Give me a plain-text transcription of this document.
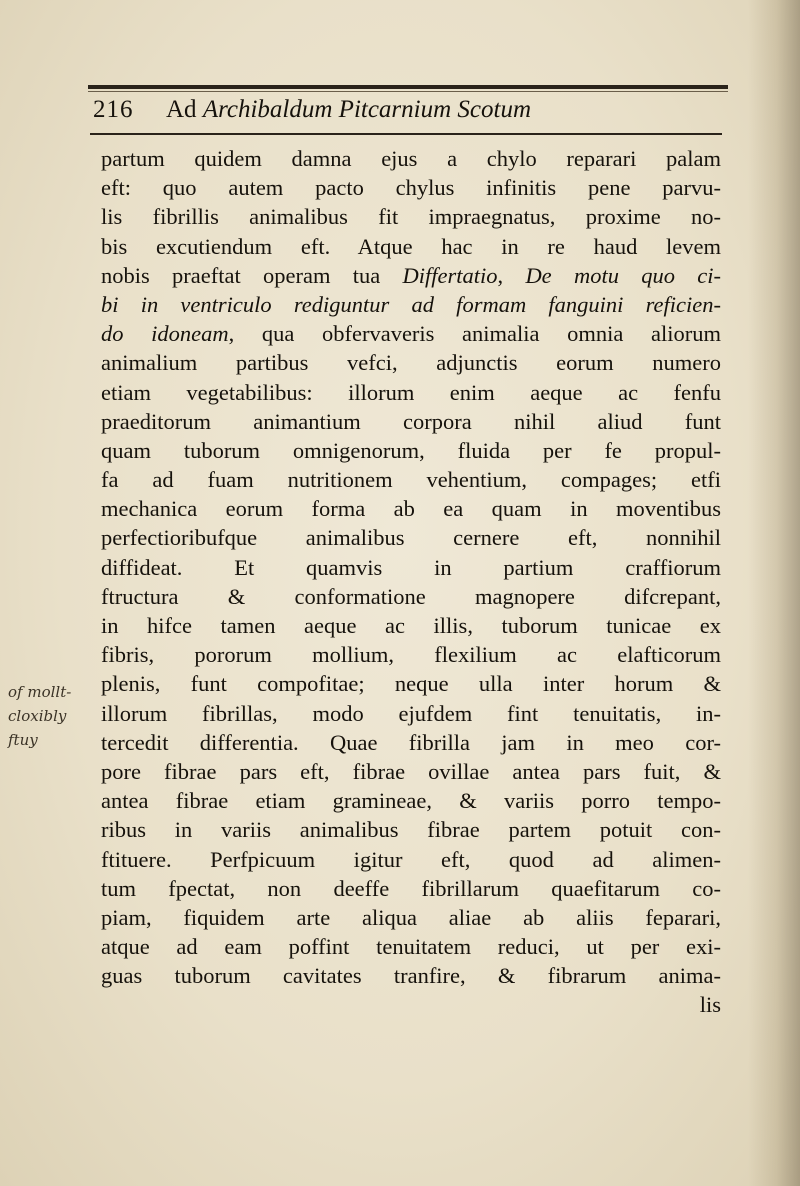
216 Ad Archibaldum Pitcarnium Scotum
of mollt-
cloxibly
ftuy
partum quidem damna ejus a chylo reparari palam
eft: quo autem pacto chylus infinitis pene parvu-
lis fibrillis animalibus fit impraegnatus, proxime no-
bis excutiendum eft. Atque hac in re haud levem
nobis praeftat operam tua Differtatio, De motu quo ci-
bi in ventriculo rediguntur ad formam fanguini reficien-
do idoneam, qua obfervaveris animalia omnia aliorum
animalium partibus vefci, adjunctis eorum numero
etiam vegetabilibus: illorum enim aeque ac fenfu
praeditorum animantium corpora nihil aliud funt
quam tuborum omnigenorum, fluida per fe propul-
fa ad fuam nutritionem vehentium, compages; etfi
mechanica eorum forma ab ea quam in moventibus
perfectioribufque animalibus cernere eft, nonnihil
diffideat. Et quamvis in partium craffiorum
ftructura & conformatione magnopere difcrepant,
in hifce tamen aeque ac illis, tuborum tunicae ex
fibris, pororum mollium, flexilium ac elafticorum
plenis, funt compofitae; neque ulla inter horum &
illorum fibrillas, modo ejufdem fint tenuitatis, in-
tercedit differentia. Quae fibrilla jam in meo cor-
pore fibrae pars eft, fibrae ovillae antea pars fuit, &
antea fibrae etiam gramineae, & variis porro tempo-
ribus in variis animalibus fibrae partem potuit con-
ftituere. Perfpicuum igitur eft, quod ad alimen-
tum fpectat, non deeffe fibrillarum quaefitarum co-
piam, fiquidem arte aliqua aliae ab aliis feparari,
atque ad eam poffint tenuitatem reduci, ut per exi-
guas tuborum cavitates tranfire, & fibrarum anima-
lis
